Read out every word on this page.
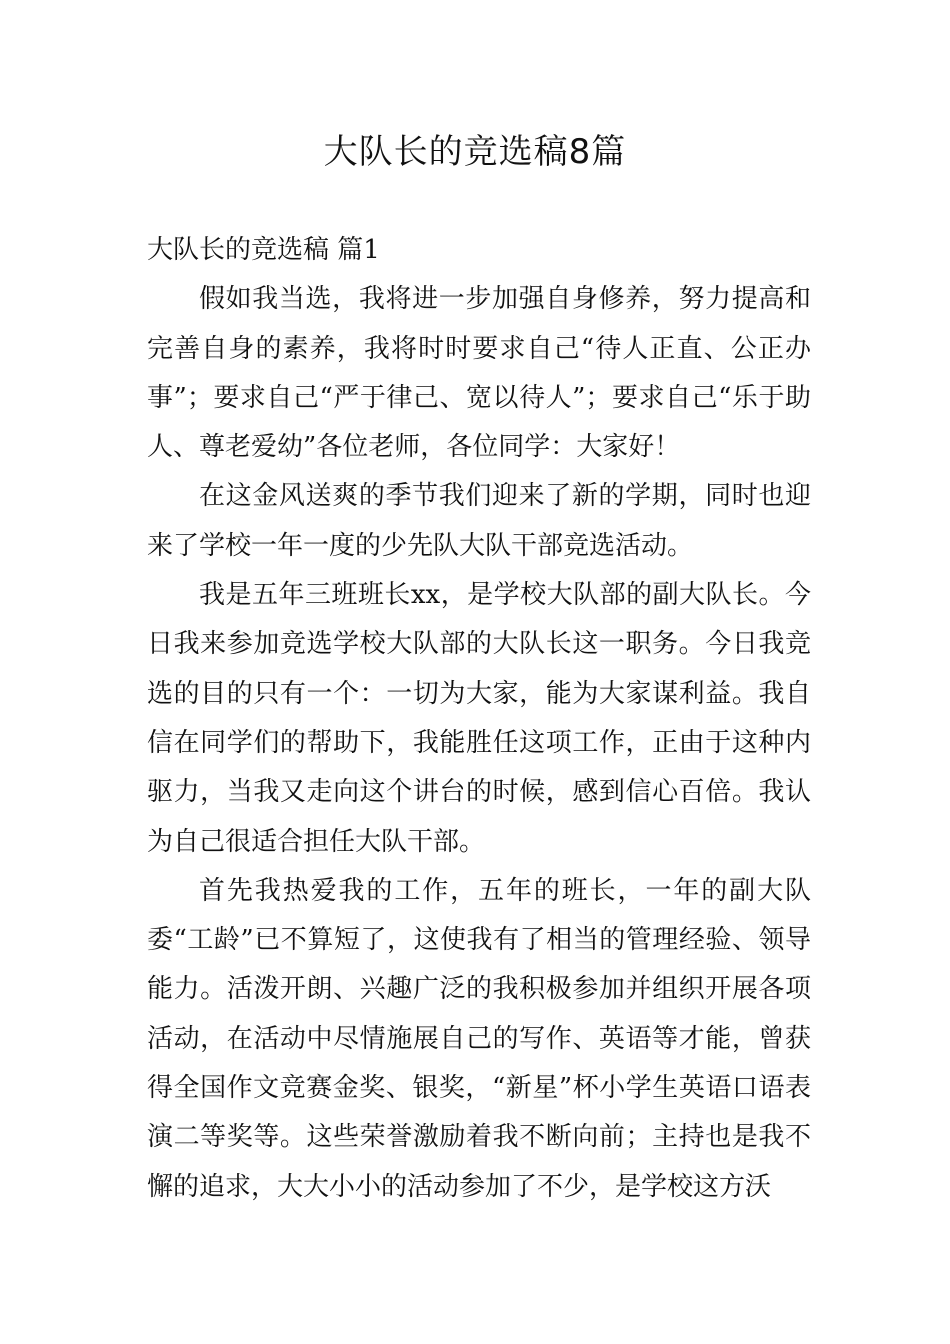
大队长的竞选稿8篇
大队长的竞选稿 篇1

假如我当选，我将进一步加强自身修养，努力提高和完善自身的素养，我将时时要求自己“待人正直、公正办事”；要求自己“严于律己、宽以待人”；要求自己“乐于助人、尊老爱幼”各位老师，各位同学：大家好！

在这金风送爽的季节我们迎来了新的学期，同时也迎来了学校一年一度的少先队大队干部竞选活动。

我是五年三班班长xx，是学校大队部的副大队长。今日我来参加竞选学校大队部的大队长这一职务。今日我竞选的目的只有一个：一切为大家，能为大家谋利益。我自信在同学们的帮助下，我能胜任这项工作，正由于这种内驱力，当我又走向这个讲台的时候，感到信心百倍。我认为自己很适合担任大队干部。

首先我热爱我的工作，五年的班长，一年的副大队委“工龄”已不算短了，这使我有了相当的管理经验、领导能力。活泼开朗、兴趣广泛的我积极参加并组织开展各项活动，在活动中尽情施展自己的写作、英语等才能，曾获得全国作文竞赛金奖、银奖，“新星”杯小学生英语口语表演二等奖等。这些荣誉激励着我不断向前；主持也是我不懈的追求，大大小小的活动参加了不少，是学校这方沃
